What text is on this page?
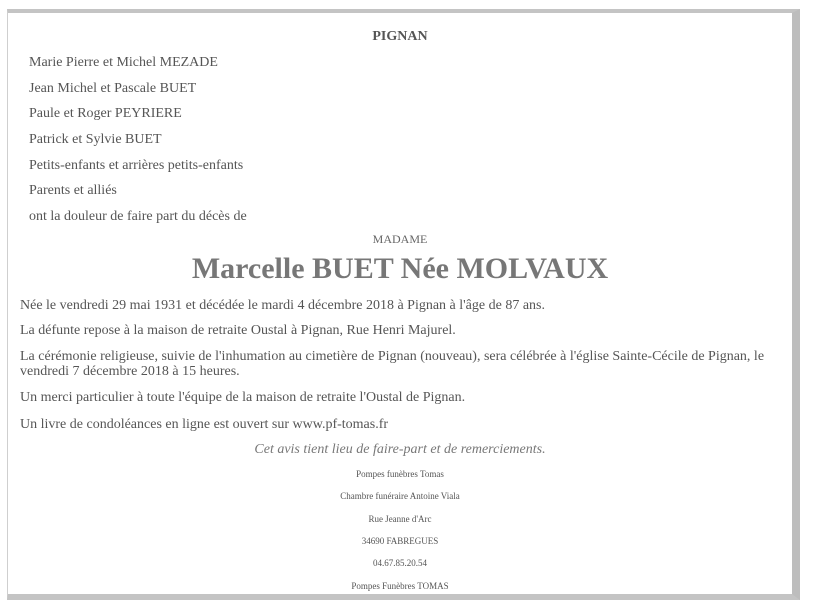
PIGNAN
Marie Pierre et Michel MEZADE
Jean Michel et Pascale BUET
Paule et Roger PEYRIERE
Patrick et Sylvie BUET
Petits-enfants et arrières petits-enfants
Parents et alliés
ont la douleur de faire part du décès de
MADAME
Marcelle BUET Née MOLVAUX
Née le vendredi 29 mai 1931 et décédée le mardi 4 décembre 2018 à Pignan à l'âge de 87 ans.
La défunte repose à la maison de retraite Oustal à Pignan, Rue Henri Majurel.
La cérémonie religieuse, suivie de l'inhumation au cimetière de Pignan (nouveau), sera célébrée à l'église Sainte-Cécile de Pignan, le vendredi 7 décembre 2018 à 15 heures.
Un merci particulier à toute l'équipe de la maison de retraite l'Oustal de Pignan.
Un livre de condoléances en ligne est ouvert sur www.pf-tomas.fr
Cet avis tient lieu de faire-part et de remerciements.
Pompes funèbres Tomas
Chambre funéraire Antoine Viala
Rue Jeanne d'Arc
34690 FABREGUES
04.67.85.20.54
Pompes Funèbres TOMAS
